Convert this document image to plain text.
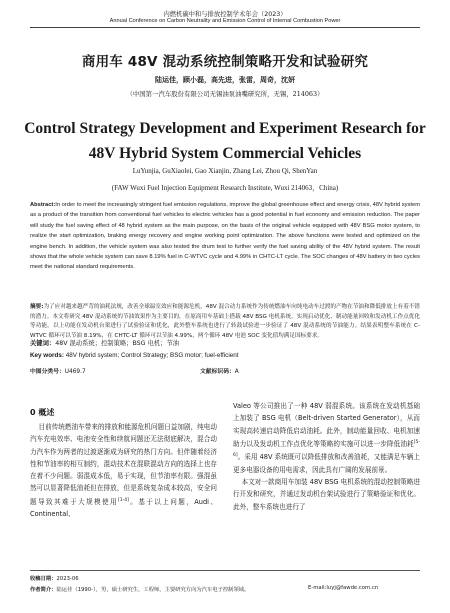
内燃机碳中和与排放控制学术年会（2023）
Annual Conference on Carbon Neutrality and Emission Control of Internal Combustion Power
商用车 48V 混动系统控制策略开发和试验研究
陆运佳，顾小磊，高先进，张雷，周奇，沈妍
（中国第一汽车股份有限公司无锡油泵油嘴研究所，无锡，214063）
Control Strategy Development and Experiment Research for
48V Hybrid System Commercial Vehicles
LuYunjia, GuXiaolei, Gao Xianjin, Zhang Lei, Zhou Qi, ShenYan
(FAW Wuxi Fuel Injection Equipment Research Institute, Wuxi 214063，China)

Abstract:In order to meet the increasingly stringent fuel emission regulations, improve the global greenhouse effect and energy crisis, 48V hybrid system as a product of the transition from conventional fuel vehicles to electric vehicles has a good potential in fuel economy and emission reduction. The paper will study the fuel saving effect of 48 hybrid system as the main purpose, on the basis of the original vehicle equipped with 48V BSG motor system, to realize the start optimization, braking energy recovery and engine working point optimization. The above functions were tested and optimized on the engine bench. In addition, the vehicle system was also tested the drum test to further verify the fuel saving ability of the 48V hybrid system. The result shows that the whole vehicle system can save 8.19% fuel in C-WTVC cycle and 4.99% in CHTC-LT cycle. The SOC changes of 48V battery in two cycles meet the national standard requirements.

摘要:为了应对越来越严苛的油耗法规，改善全球温室效应和能源危机，48V 混合动力系统作为传统燃油车向纯电动车过渡的产物在节油和降低排放上有着不错的潜力。本文将研究 48V 混动系统的节油效果作为主要目的，在原商用车基础上搭载 48V BSG 电机系统，实现启动优化、制动能量回收和发动机工作点优化等功能。以上功能在发动机台架进行了试验验证和优化，此外整车系统也进行了转鼓试验进一步验证了 48V 混动系统的节油能力。结果表明整车系统在 C-WTVC 循环可以节油 8.19%，在 CHTC-LT 循环可以节油 4.99%，两个循环 48V 电池 SOC 变化值均满足国标要求。

关键词：48V 混动系统；控制策略；BSG 电机；节油
Key words: 48V hybrid system; Control Strategy; BSG motor; fuel-efficient
中图分类号：U469.7	文献标识码：A
0 概述

目前传统燃油车带来的排放和能源危机问题日益加剧，纯电动汽车充电效率、电池安全性和续航问题还无法彻底解决，混合动力汽车作为两者的过渡逐渐成为研究的热门方向。但伴随着经济性和节油率的相互制约，混动技术在混联混动方向的选择上也存在着不少问题。弱混成本低，易于实现，但节油率有限。强混虽然可以显著降低油耗但在排放，但是系统复杂成本较高，安全问题导致其难于大规模使用[1-4]。基于以上问题，Audi、Continental、

Valeo 等公司推出了一种 48V 弱混系统。该系统在发动机基础上加装了 BSG 电机（Belt-driven Started Generator），从而实现高转速启动降低启动油耗。此外，制动能量回收、电机加速助力以及发动机工作点优化等策略的实施可以进一步降低油耗[5-6]。采用 48V 系统既可以降低排放和改善油耗，又能满足车辆上更多电器设备的用电需求，因此具有广阔的发展前景。

本文对一款商用车加装 48V BSG 电机系统的混动控制策略进行开发和研究，并通过发动机台架试验进行了策略验证和优化。此外，整车系统也进行了

收稿日期：2023-06
作者简介：陆运佳（1990-），男，硕士研究生，工程师，主要研究方向为汽车电子控制领域。	E-mail:luyj@fawde.com.cn
